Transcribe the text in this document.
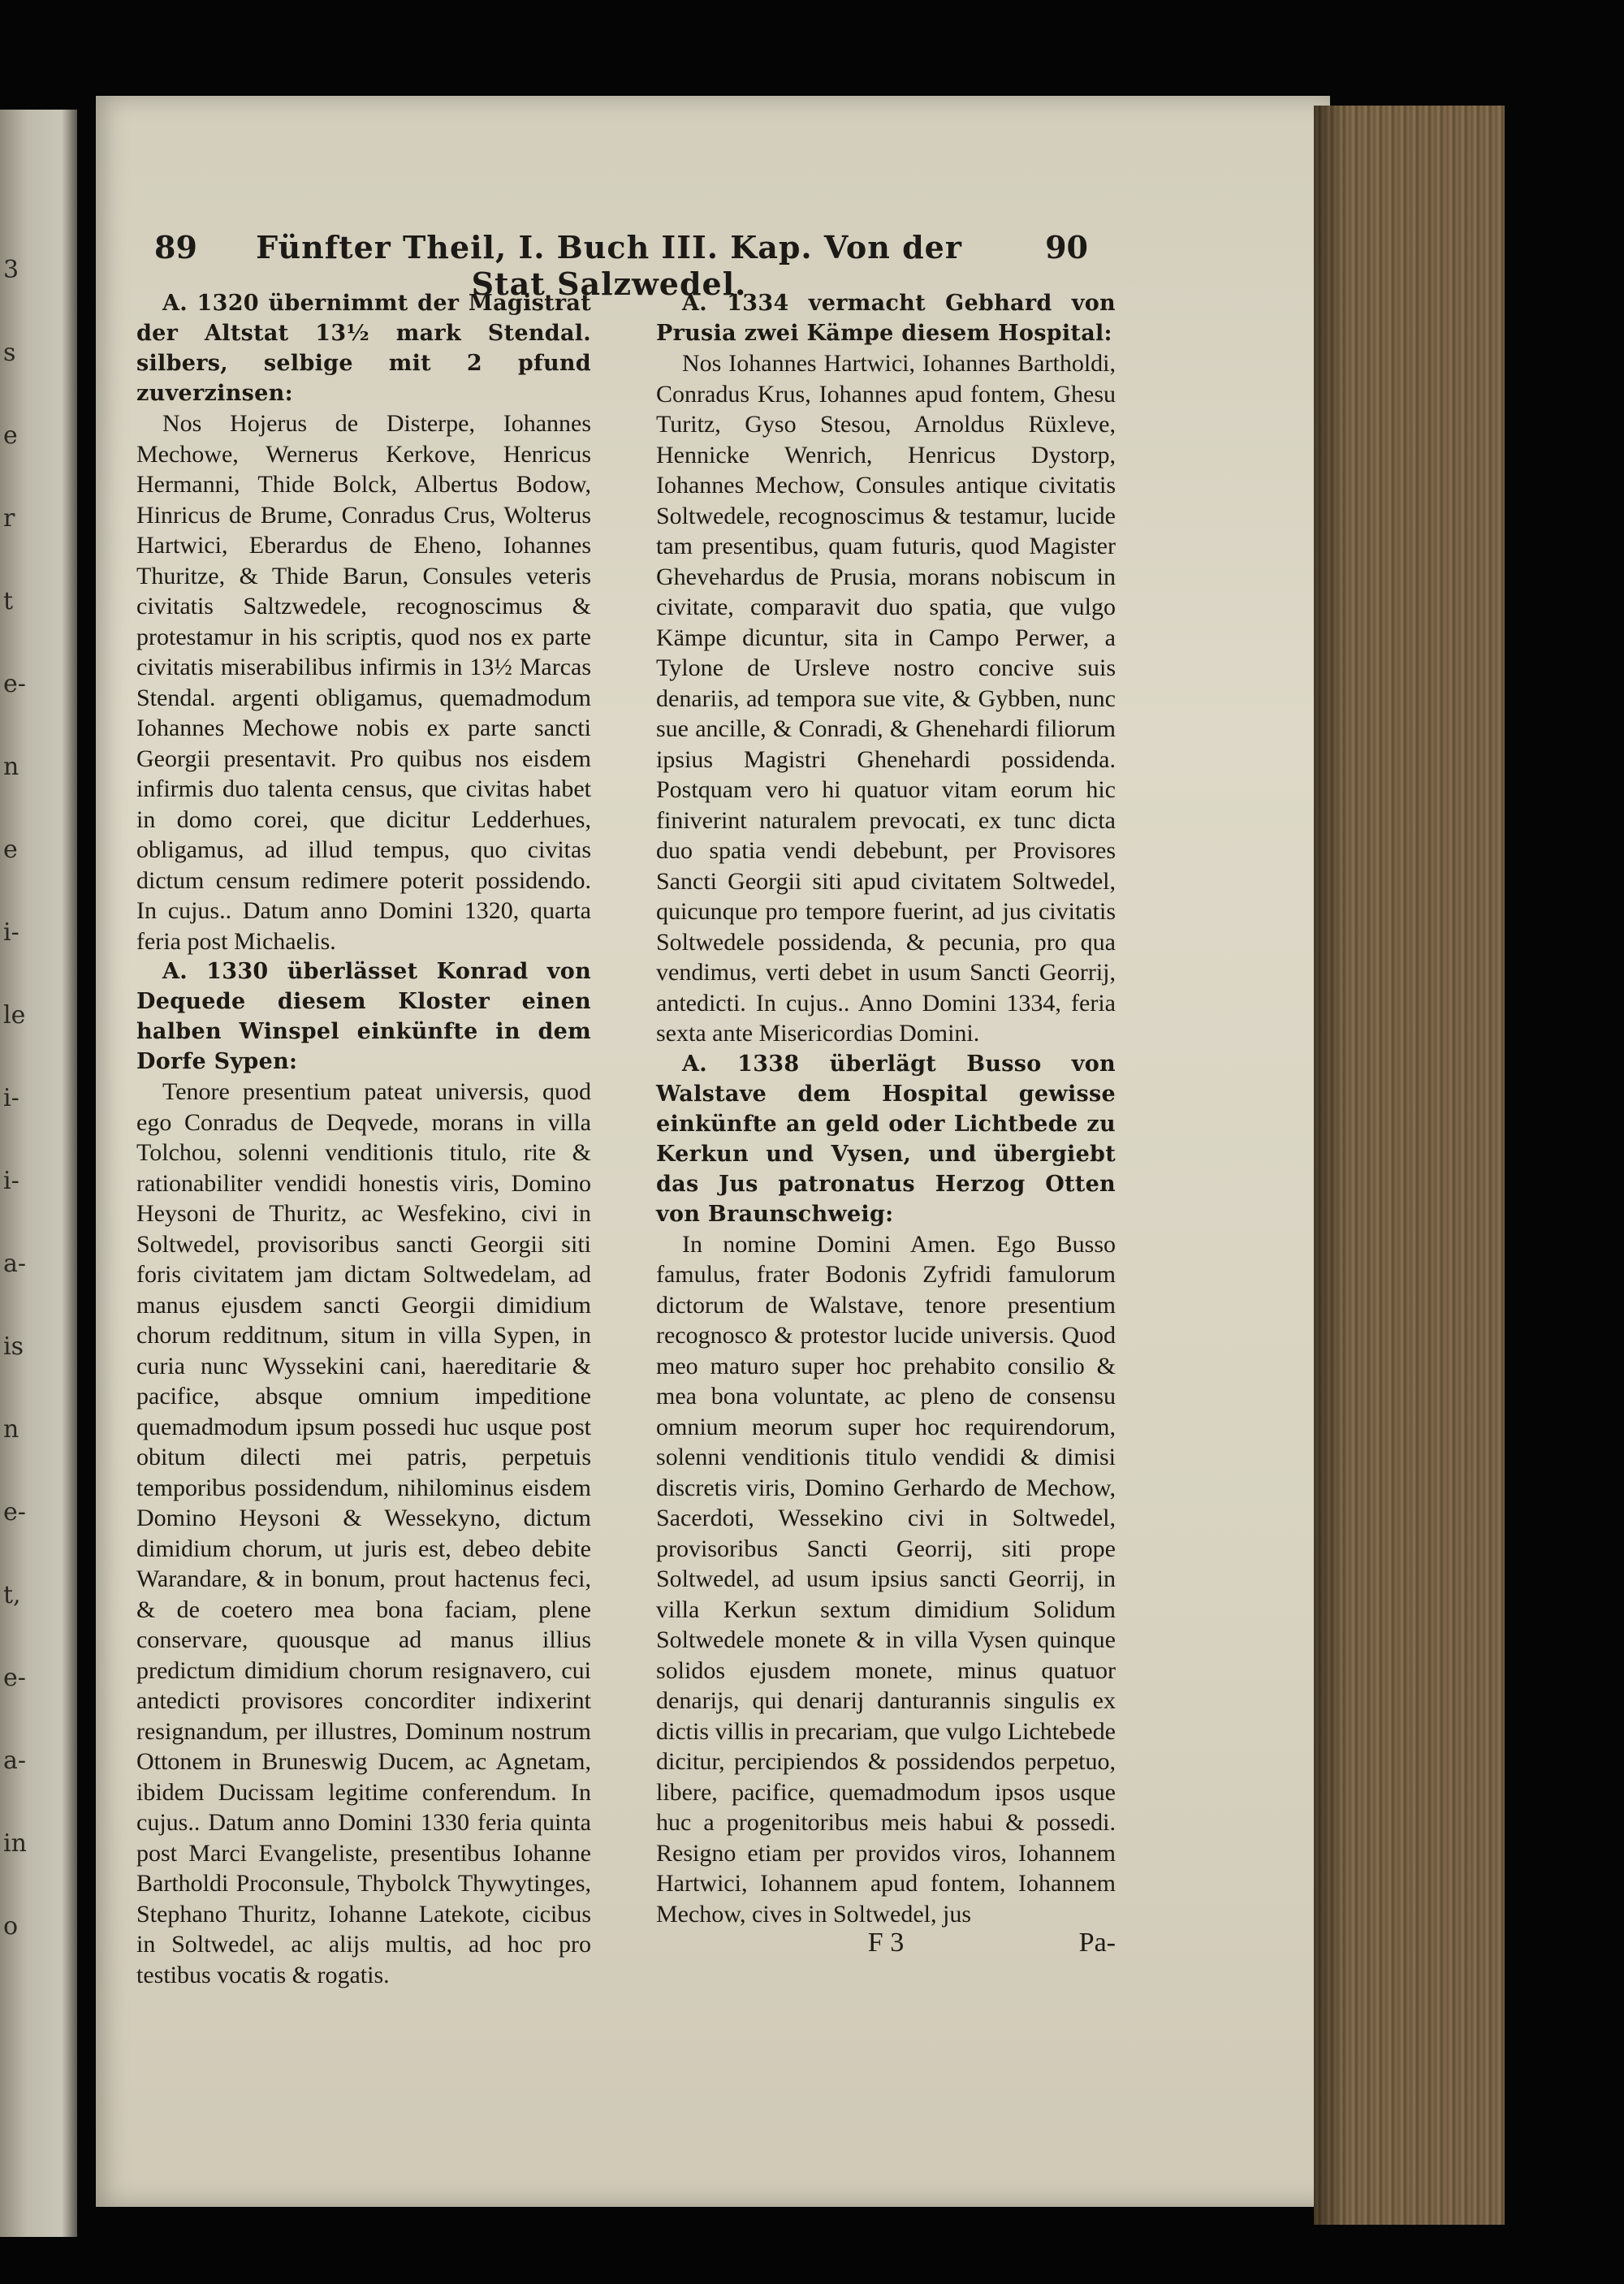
3
s
e
r
t
e-
n
e
i-
le
i-
i-
a-
is
n
e-
t,
e-
a-
in
o
89	Fünfter Theil, I. Buch III. Kap. Von der Stat Salzwedel.
90

A. 1320 übernimmt der Magistrat der Altstat 13½ mark Stendal. silbers, selbige mit 2 pfund zuverzinsen:

Nos Hojerus de Disterpe, Iohannes Mechowe, Wernerus Kerkove, Henricus Hermanni, Thide Bolck, Albertus Bodow, Hinricus de Brume, Conradus Crus, Wolterus Hartwici, Eberardus de Eheno, Iohannes Thuritze, & Thide Barun, Consules veteris civitatis Saltzwedele, recognoscimus & protestamur in his scriptis, quod nos ex parte civitatis miserabilibus infirmis in 13½ Marcas Stendal. argenti obligamus, quemadmodum Iohannes Mechowe nobis ex parte sancti Georgii presentavit. Pro quibus nos eisdem infirmis duo talenta census, que civitas habet in domo corei, que dicitur Ledderhues, obligamus, ad illud tempus, quo civitas dictum censum redimere poterit possidendo. In cujus.. Datum anno Domini 1320, quarta feria post Michaelis.

A. 1330 überlässet Konrad von Dequede diesem Kloster einen halben Winspel einkünfte in dem Dorfe Sypen:

Tenore presentium pateat universis, quod ego Conradus de Deqvede, morans in villa Tolchou, solenni venditionis titulo, rite & rationabiliter vendidi honestis viris, Domino Heysoni de Thuritz, ac Wesfekino, civi in Soltwedel, provisoribus sancti Georgii siti foris civitatem jam dictam Soltwedelam, ad manus ejusdem sancti Georgii dimidium chorum redditnum, situm in villa Sypen, in curia nunc Wyssekini cani, haereditarie & pacifice, absque omnium impeditione quemadmodum ipsum possedi huc usque post obitum dilecti mei patris, perpetuis temporibus possidendum, nihilominus eisdem Domino Heysoni & Wessekyno, dictum dimidium chorum, ut juris est, debeo debite Warandare, & in bonum, prout hactenus feci, & de coetero mea bona faciam, plene conservare, quousque ad manus illius predictum dimidium chorum resignavero, cui antedicti provisores concorditer indixerint resignandum, per illustres, Dominum nostrum Ottonem in Bruneswig Ducem, ac Agnetam, ibidem Ducissam legitime conferendum. In cujus.. Datum anno Domini 1330 feria quinta post Marci Evangeliste, presentibus Iohanne Bartholdi Proconsule, Thybolck Thywytinges, Stephano Thuritz, Iohanne Latekote, cicibus in Soltwedel, ac alijs multis, ad hoc pro testibus vocatis & rogatis.

A. 1334 vermacht Gebhard von Prusia zwei Kämpe diesem Hospital:

Nos Iohannes Hartwici, Iohannes Bartholdi, Conradus Krus, Iohannes apud fontem, Ghesu Turitz, Gyso Stesou, Arnoldus Rüxleve, Hennicke Wenrich, Henricus Dystorp, Iohannes Mechow, Consules antique civitatis Soltwedele, recognoscimus & testamur, lucide tam presentibus, quam futuris, quod Magister Ghevehardus de Prusia, morans nobiscum in civitate, comparavit duo spatia, que vulgo Kämpe dicuntur, sita in Campo Perwer, a Tylone de Ursleve nostro concive suis denariis, ad tempora sue vite, & Gybben, nunc sue ancille, & Conradi, & Ghenehardi filiorum ipsius Magistri Ghenehardi possidenda. Postquam vero hi quatuor vitam eorum hic finiverint naturalem prevocati, ex tunc dicta duo spatia vendi debebunt, per Provisores Sancti Georgii siti apud civitatem Soltwedel, quicunque pro tempore fuerint, ad jus civitatis Soltwedele possidenda, & pecunia, pro qua vendimus, verti debet in usum Sancti Georrij, antedicti. In cujus.. Anno Domini 1334, feria sexta ante Misericordias Domini.

A. 1338 überlägt Busso von Walstave dem Hospital gewisse einkünfte an geld oder Lichtbede zu Kerkun und Vysen, und übergiebt das Jus patronatus Herzog Otten von Braunschweig:

In nomine Domini Amen. Ego Busso famulus, frater Bodonis Zyfridi famulorum dictorum de Walstave, tenore presentium recognosco & protestor lucide universis. Quod meo maturo super hoc prehabito consilio & mea bona voluntate, ac pleno de consensu omnium meorum super hoc requirendorum, solenni venditionis titulo vendidi & dimisi discretis viris, Domino Gerhardo de Mechow, Sacerdoti, Wessekino civi in Soltwedel, provisoribus Sancti Georrij, siti prope Soltwedel, ad usum ipsius sancti Georrij, in villa Kerkun sextum dimidium Solidum Soltwedele monete & in villa Vysen quinque solidos ejusdem monete, minus quatuor denarijs, qui denarij danturannis singulis ex dictis villis in precariam, que vulgo Lichtebede dicitur, percipiendos & possidendos perpetuo, libere, pacifice, quemadmodum ipsos usque huc a progenitoribus meis habui & possedi. Resigno etiam per providos viros, Iohannem Hartwici, Iohannem apud fontem, Iohannem Mechow, cives in Soltwedel, jus

F 3	Pa-
